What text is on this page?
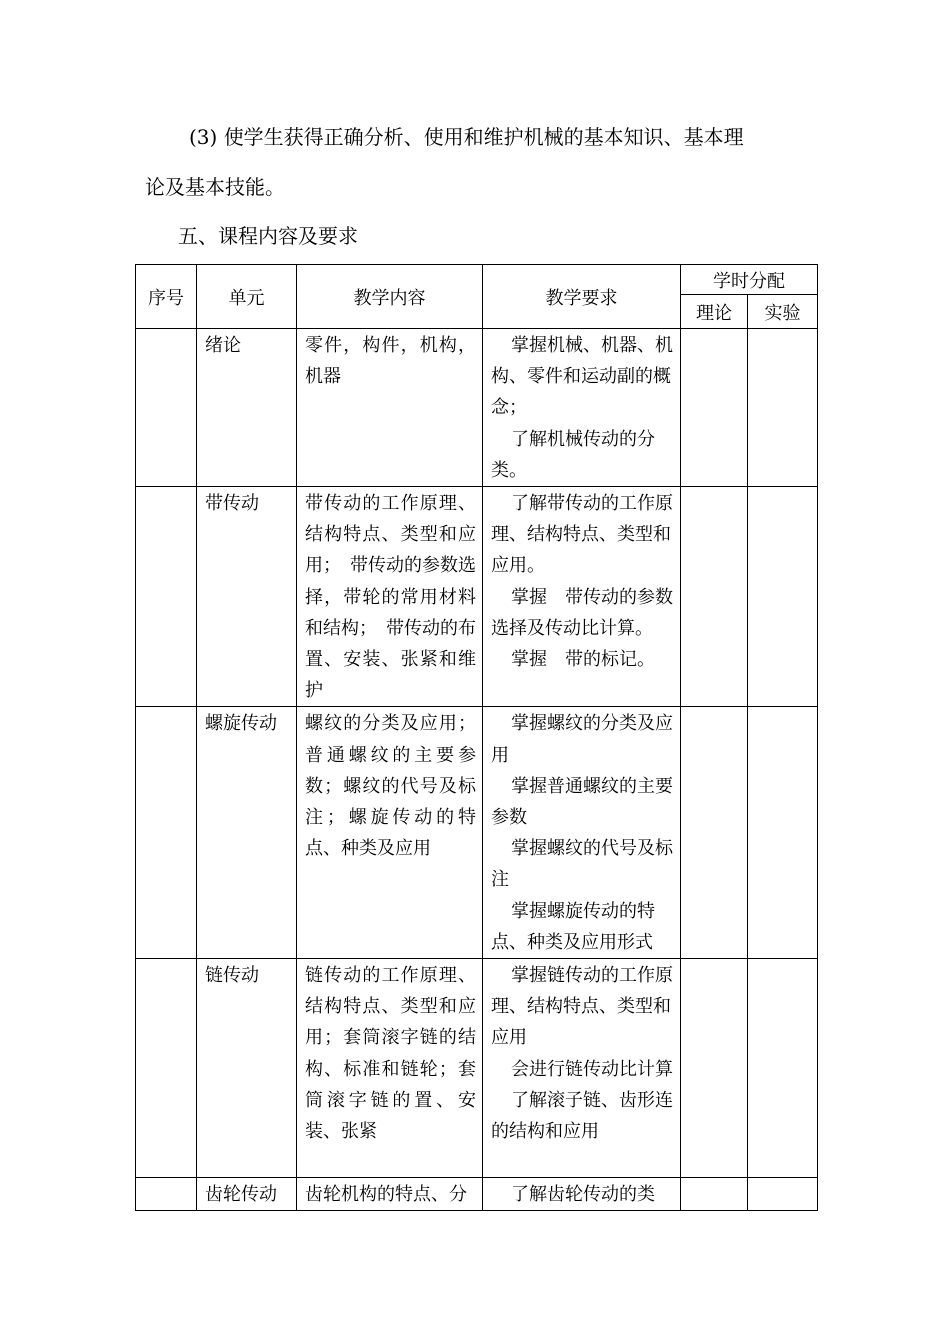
(3) 使学生获得正确分析、使用和维护机械的基本知识、基本理
论及基本技能。

五、课程内容及要求
序号	单元	教学内容	教学要求	学时分配	
				理论	实验
	绪论	零件，构件，机构，机器	掌握机械、机器、机构、零件和运动副的概念；

了解机械传动的分类。		

	带传动	带传动的工作原理、结构特点、类型和应用；　带传动的参数选择，带轮的常用材料和结构；　带传动的布置、安装、张紧和维护	了解带传动的工作原理、结构特点、类型和应用。

掌握　带传动的参数选择及传动比计算。

掌握　带的标记。		

	螺旋传动	螺纹的分类及应用；普通螺纹的主要参数；螺纹的代号及标注；螺旋传动的特点、种类及应用	掌握螺纹的分类及应用

掌握普通螺纹的主要参数

掌握螺纹的代号及标注

掌握螺旋传动的特点、种类及应用形式		

	链传动	链传动的工作原理、结构特点、类型和应用；套筒滚字链的结构、标准和链轮；套筒滚字链的置、安装、张紧	掌握链传动的工作原理、结构特点、类型和应用

会进行链传动比计算

了解滚子链、齿形连的结构和应用		

	齿轮传动	齿轮机构的特点、分	了解齿轮传动的类		
